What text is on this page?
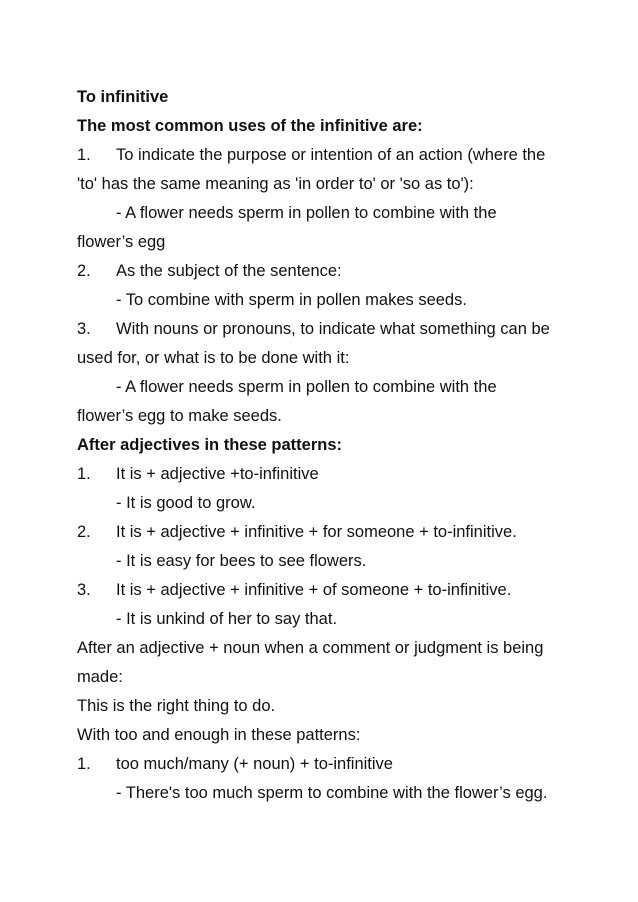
To infinitive
The most common uses of the infinitive are:
1.	To indicate the purpose or intention of an action (where the
'to' has the same meaning as 'in order to' or 'so as to'):
- A flower needs sperm in pollen to combine with the
flower’s egg
2.	As the subject of the sentence:
- To combine with sperm in pollen makes seeds.
3.	With nouns or pronouns, to indicate what something can be
used for, or what is to be done with it:
- A flower needs sperm in pollen to combine with the
flower’s egg to make seeds.
After adjectives in these patterns:
1.	It is + adjective +to-infinitive
- It is good to grow.
2.	It is + adjective + infinitive + for someone + to-infinitive.
- It is easy for bees to see flowers.
3.	It is + adjective + infinitive + of someone + to-infinitive.
- It is unkind of her to say that.
After an adjective + noun when a comment or judgment is being
made:
This is the right thing to do.
With too and enough in these patterns:
1.	too much/many (+ noun) + to-infinitive
- There's too much sperm to combine with the flower’s egg.
